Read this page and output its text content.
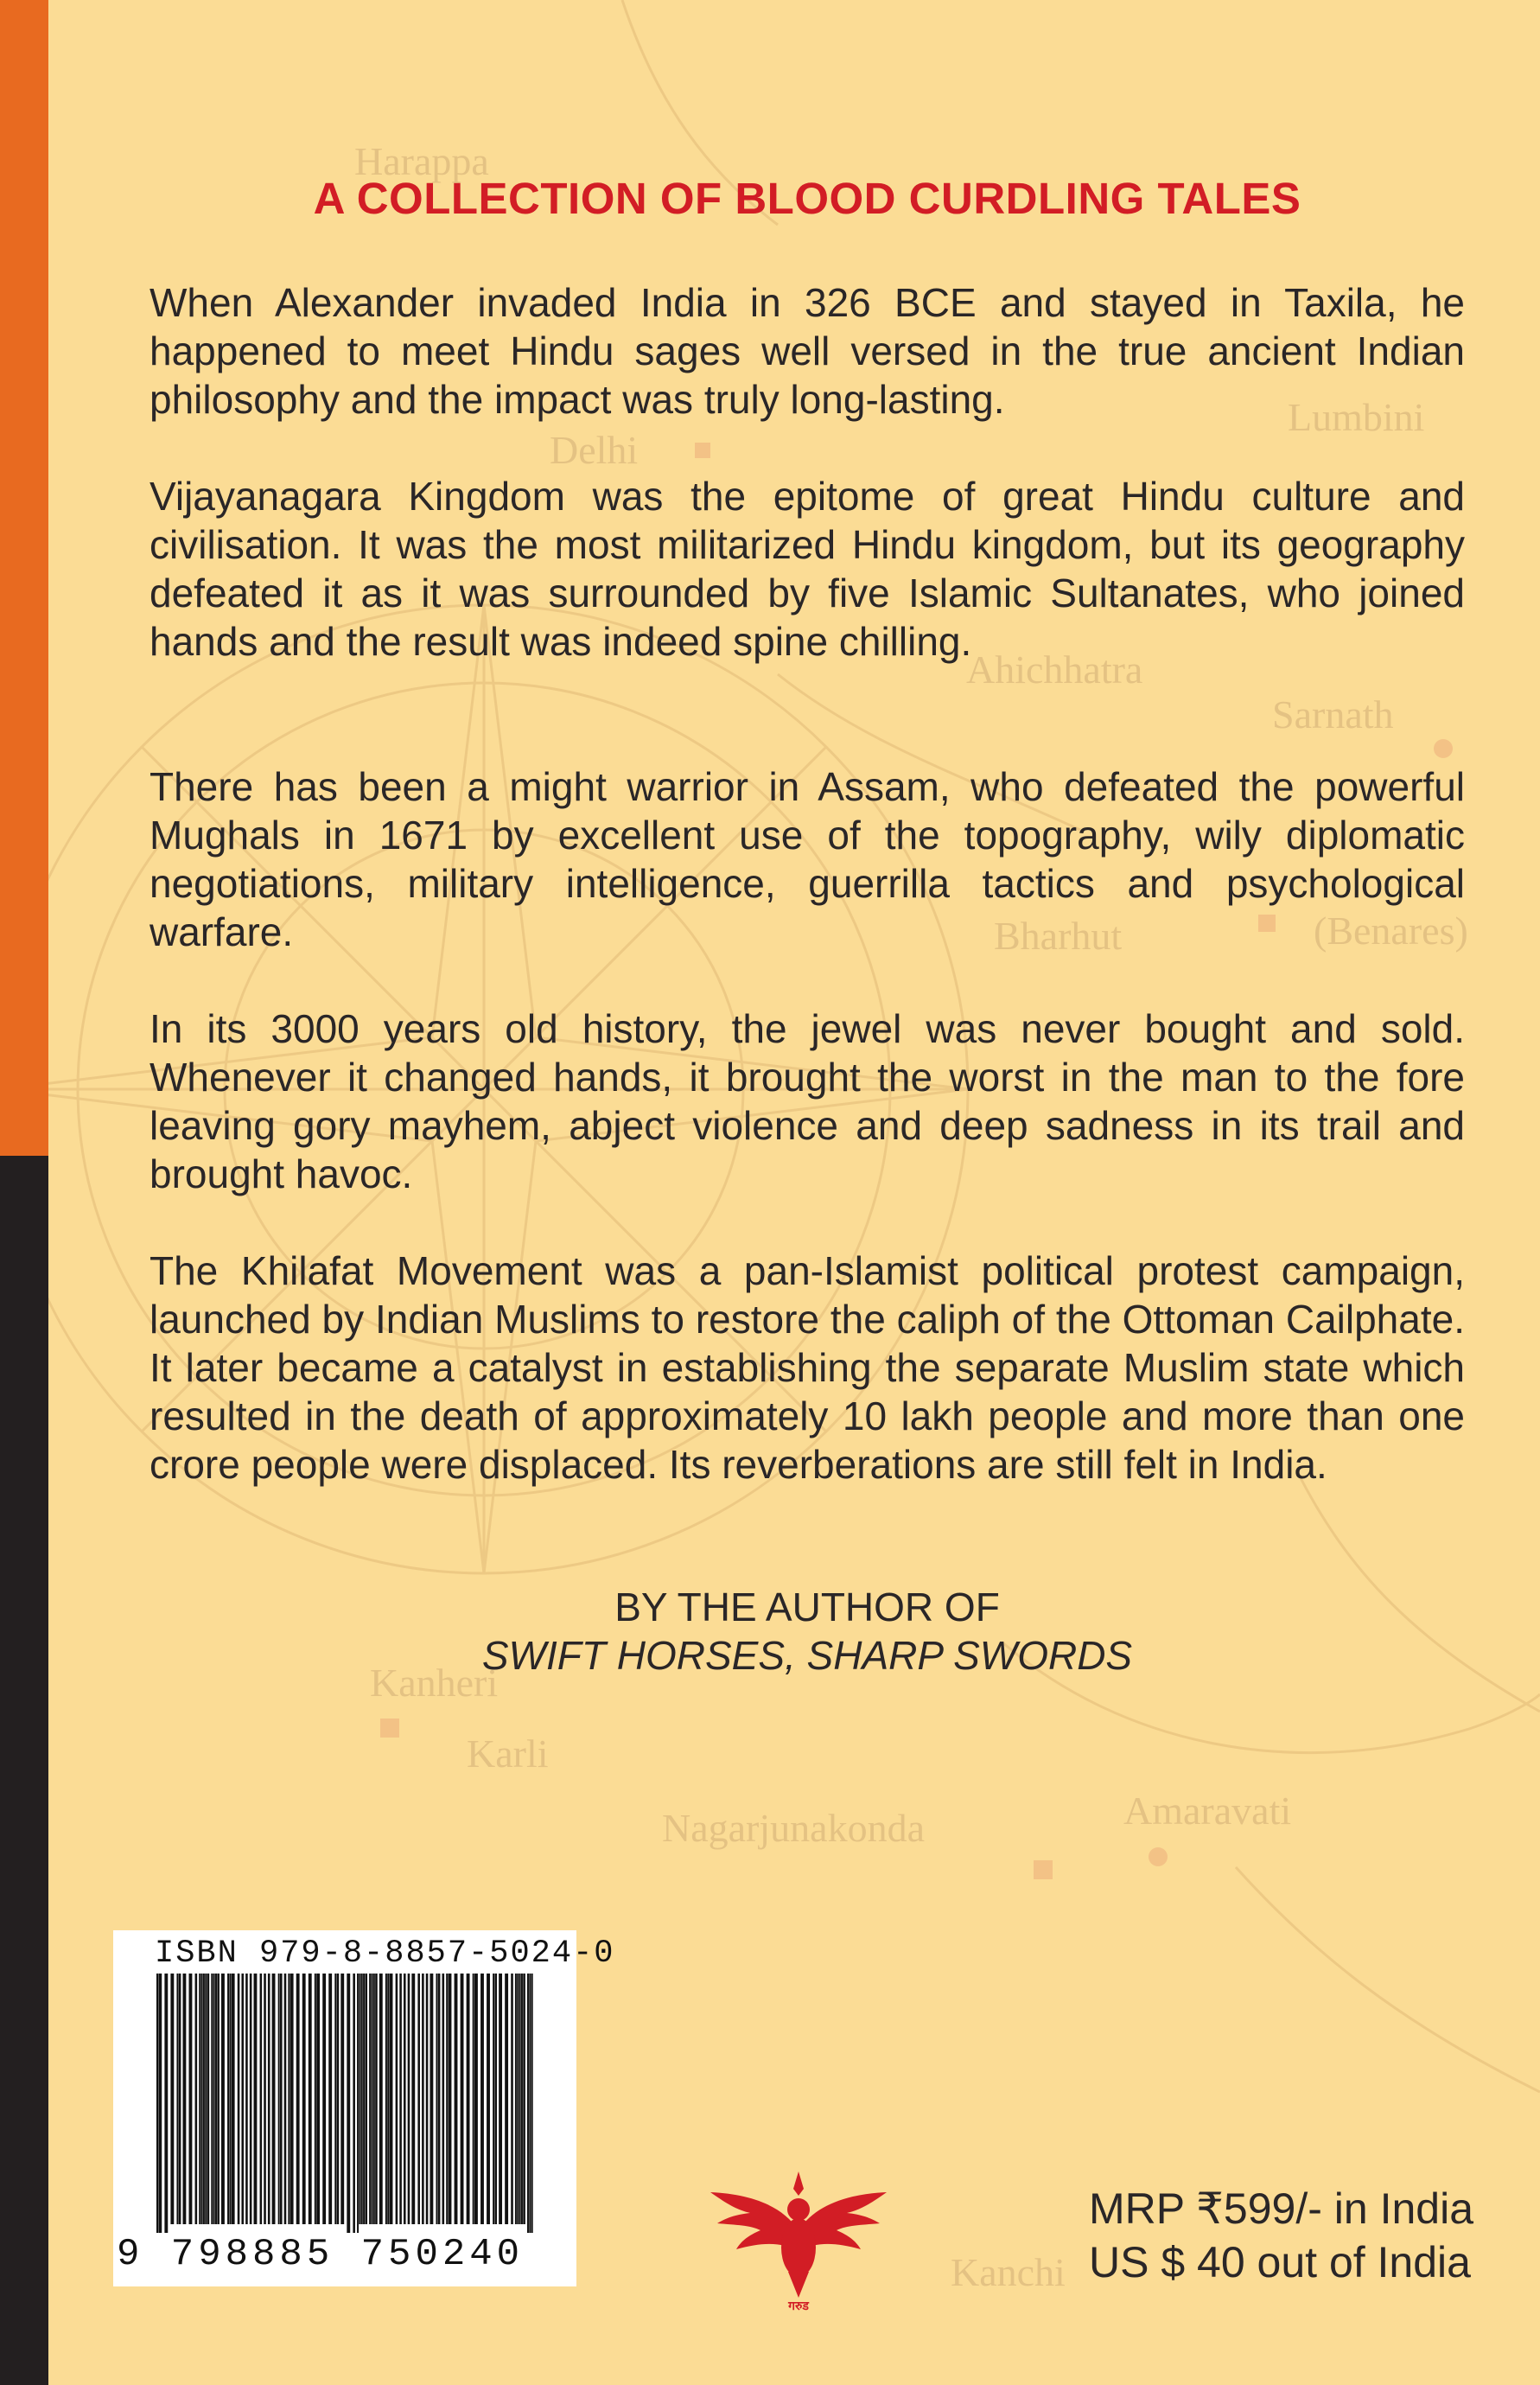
Harappa
Delhi
Lumbini
Ahichhatra
Sarnath
Bharhut	(Benares)
Kanheri
Karli
Nagarjunakonda	Amaravati
Kanchi
A COLLECTION OF BLOOD CURDLING TALES

When Alexander invaded India in 326 BCE and stayed in Taxila, he happened to meet Hindu sages well versed in the true ancient Indian philosophy and the impact was truly long-lasting.

Vijayanagara Kingdom was the epitome of great Hindu culture and civilisation. It was the most militarized Hindu kingdom, but its geography defeated it as it was surrounded by five Islamic Sultanates, who joined hands and the result was indeed spine chilling.

There has been a might warrior in Assam, who defeated the powerful Mughals in 1671 by excellent use of the topography, wily diplomatic negotiations, military intelligence, guerrilla tactics and psychological warfare.

In its 3000 years old history, the jewel was never bought and sold. Whenever it changed hands, it brought the worst in the man to the fore leaving gory mayhem, abject violence and deep sadness in its trail and brought havoc.

The Khilafat Movement was a pan-Islamist political protest campaign, launched by Indian Muslims to restore the caliph of the Ottoman Cailphate. It later became a catalyst in establishing the separate Muslim state which resulted in the death of approximately 10 lakh people and more than one crore people were displaced. Its reverberations are still felt in India.

BY THE AUTHOR OF
SWIFT HORSES, SHARP SWORDS
ISBN 979-8-8857-5024-0
9 798885 750240
गरुड
MRP ₹599/- in India
US $ 40 out of India
